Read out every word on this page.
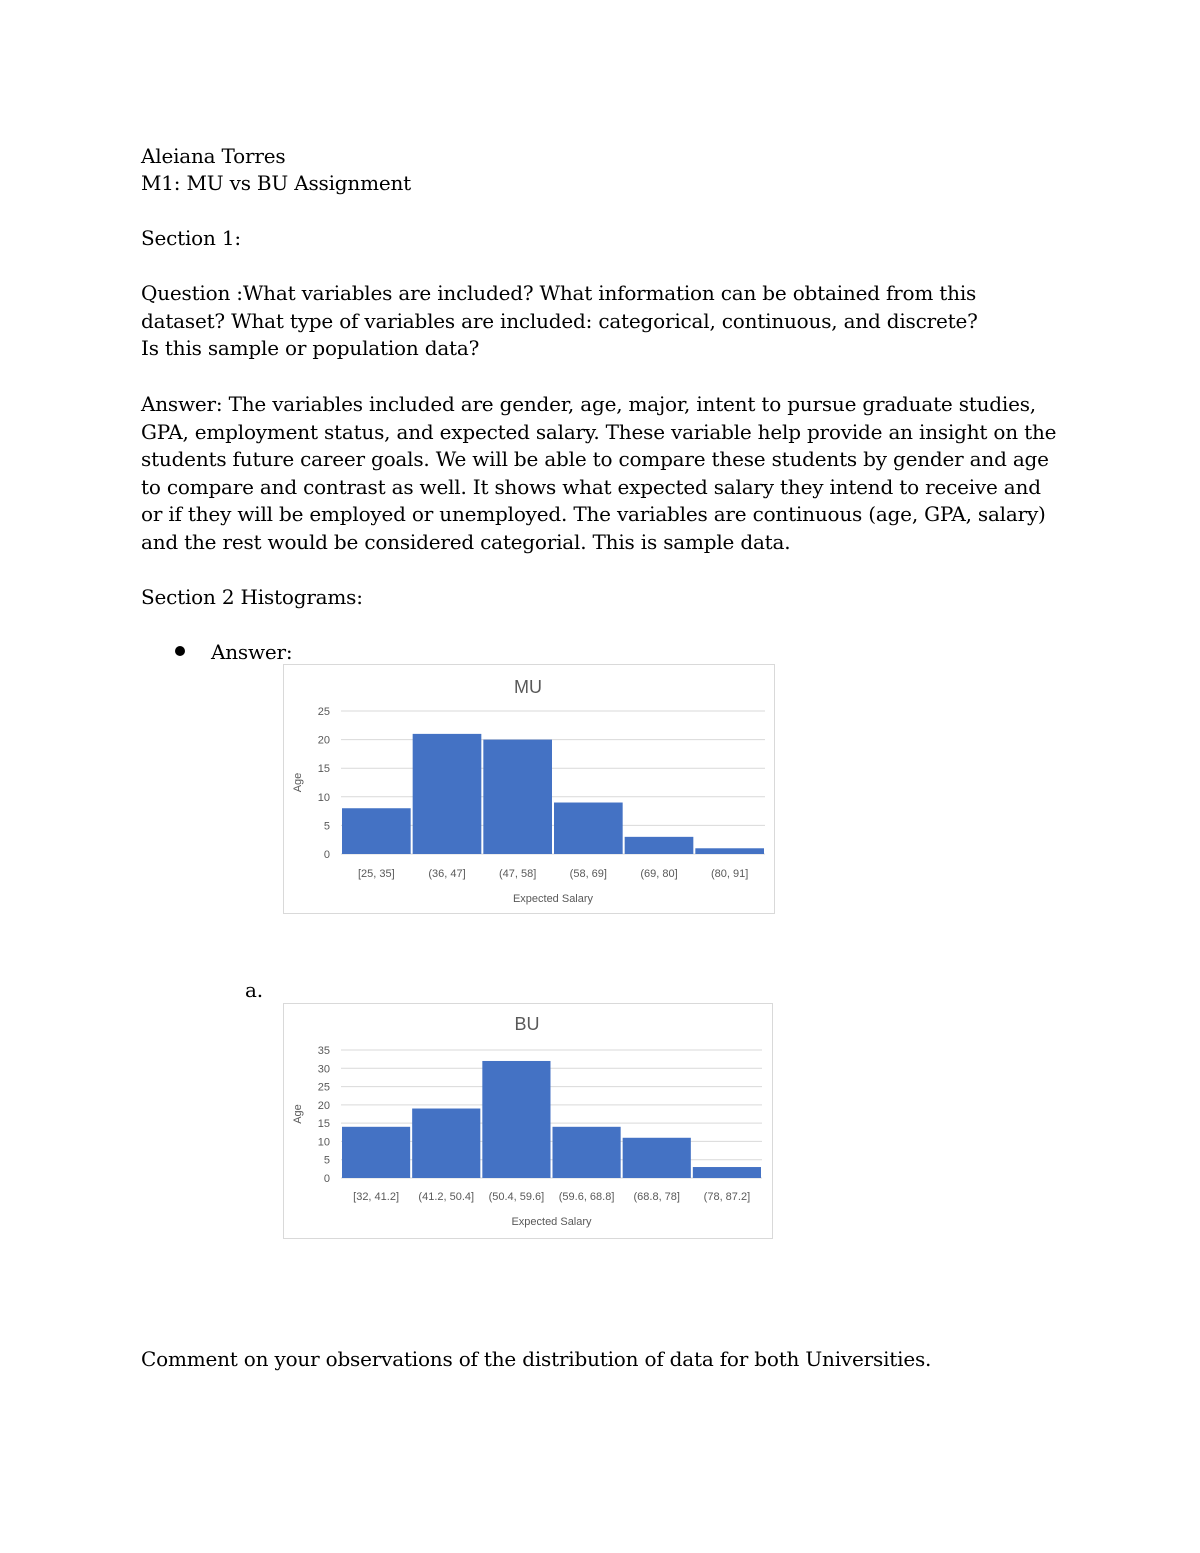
Aleiana Torres
M1: MU vs BU Assignment
Section 1:
Question :What variables are included? What information can be obtained from this
dataset? What type of variables are included: categorical, continuous, and discrete?
Is this sample or population data?
Answer: The variables included are gender, age, major, intent to pursue graduate studies,
GPA, employment status, and expected salary. These variable help provide an insight on the
students future career goals. We will be able to compare these students by gender and age
to compare and contrast as well. It shows what expected salary they intend to receive and
or if they will be employed or unemployed. The variables are continuous (age, GPA, salary)
and the rest would be considered categorial. This is sample data.
Section 2 Histograms:
Answer:
MU
0
5
10
15
20
25
[25, 35]	(36, 47]	(47, 58]	(58, 69]	(69, 80]	(80, 91]
Expected Salary
Age
a.
BU
0
5
10
15
20
25
30
35
[32, 41.2] (41.2, 50.4] (50.4, 59.6] (59.6, 68.8] (68.8, 78] (78, 87.2]
Expected Salary
Age
Comment on your observations of the distribution of data for both Universities.
